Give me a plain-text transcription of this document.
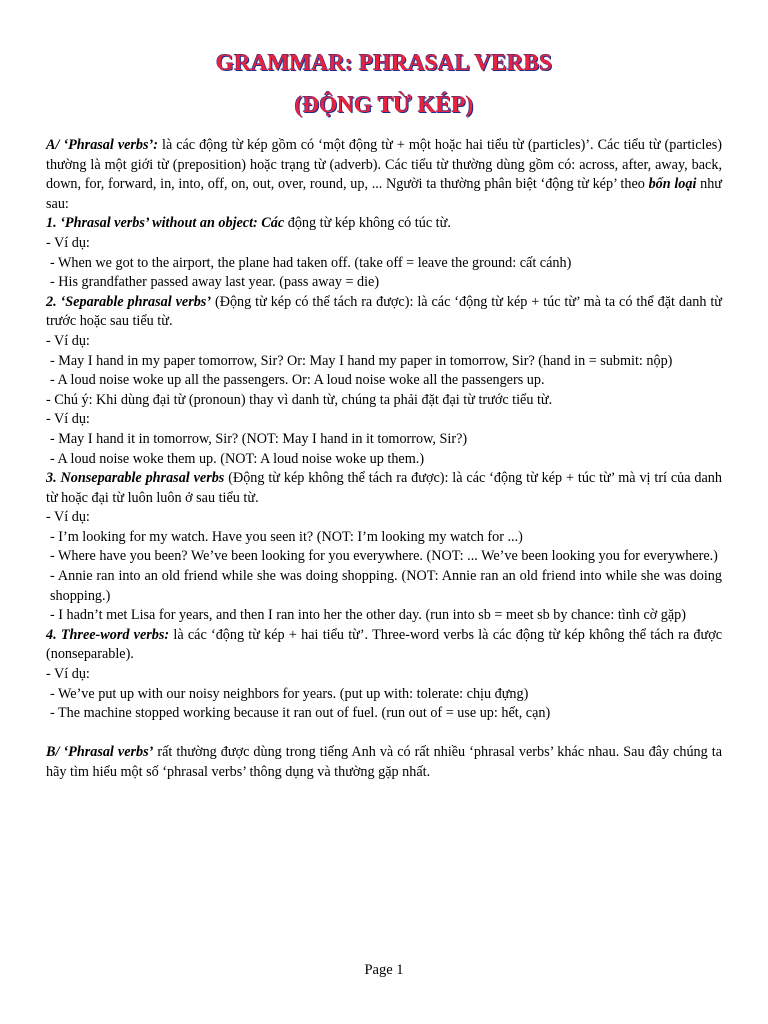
GRAMMAR: PHRASAL VERBS
(ĐỘNG TỪ KÉP)

A/ ‘Phrasal verbs’: là các động từ kép gồm có ‘một động từ + một hoặc hai tiểu từ (particles)’. Các tiểu từ (particles) thường là một giới từ (preposition) hoặc trạng từ (adverb). Các tiểu từ thường dùng gồm có: across, after, away, back, down, for, forward, in, into, off, on, out, over, round, up, ... Người ta thường phân biệt ‘động từ kép’ theo bốn loại như sau:

1. ‘Phrasal verbs’ without an object: Các động từ kép không có túc từ.

- Ví dụ:

- When we got to the airport, the plane had taken off. (take off = leave the ground: cất cánh)

- His grandfather passed away last year. (pass away = die)

2. ‘Separable phrasal verbs’ (Động từ kép có thể tách ra được): là các ‘động từ kép + túc từ’ mà ta có thể đặt danh từ trước hoặc sau tiểu từ.

- Ví dụ:

- May I hand in my paper tomorrow, Sir? Or: May I hand my paper in tomorrow, Sir? (hand in = submit: nộp)

- A loud noise woke up all the passengers. Or: A loud noise woke all the passengers up.

- Chú ý: Khi dùng đại từ (pronoun) thay vì danh từ, chúng ta phải đặt đại từ trước tiểu từ.

- Ví dụ:

- May I hand it in tomorrow, Sir? (NOT: May I hand in it tomorrow, Sir?)

- A loud noise woke them up. (NOT: A loud noise woke up them.)

3. Nonseparable phrasal verbs (Động từ kép không thể tách ra được): là các ‘động từ kép + túc từ’ mà vị trí của danh từ hoặc đại từ luôn luôn ở sau tiểu từ.

- Ví dụ:

- I’m looking for my watch. Have you seen it? (NOT: I’m looking my watch for ...)

- Where have you been? We’ve been looking for you everywhere. (NOT: ... We’ve been looking you for everywhere.)

- Annie ran into an old friend while she was doing shopping. (NOT: Annie ran an old friend into while she was doing shopping.)

- I hadn’t met Lisa for years, and then I ran into her the other day. (run into sb = meet sb by chance: tình cờ gặp)

4. Three-word verbs: là các ‘động từ kép + hai tiểu từ’. Three-word verbs là các động từ kép không thể tách ra được (nonseparable).

- Ví dụ:

- We’ve put up with our noisy neighbors for years. (put up with: tolerate: chịu đựng)

- The machine stopped working because it ran out of fuel. (run out of = use up: hết, cạn)

B/ ‘Phrasal verbs’ rất thường được dùng trong tiếng Anh và có rất nhiều ‘phrasal verbs’ khác nhau. Sau đây chúng ta hãy tìm hiểu một số ‘phrasal verbs’ thông dụng và thường gặp nhất.

Page 1
